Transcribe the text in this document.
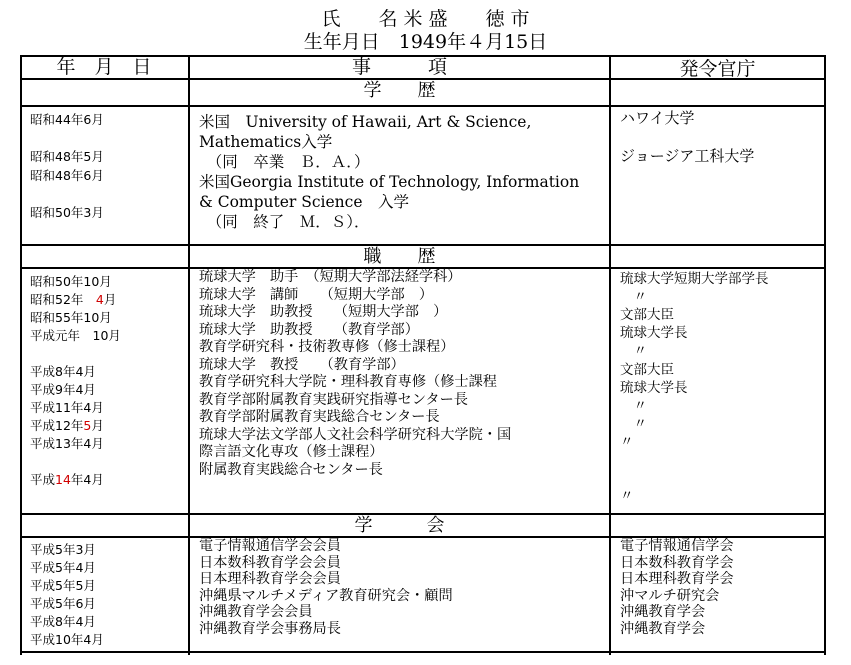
氏　　名 米 盛　　徳 市
生年月日　1949年４月15日
年　月　日	事　　　項	発令官庁
学　　歴
昭和44年6月
昭和48年5月
昭和48年6月
昭和50年3月
米国　University of Hawaii, Art & Science,
Mathematics入学
　（同　卒業　Ｂ．Ａ．）
米国Georgia Institute of Technology, Information
& Computer Science　入学
　（同　終了　Ｍ．Ｓ）．
ハワイ大学
ジョージア工科大学
職　　歴
昭和50年10月
昭和52年　4月
昭和55年10月
平成元年　10月
平成8年4月
平成9年4月
平成11年4月
平成12年5月
平成13年4月
平成14年4月
琉球大学　助手　（短期大学部法経学科）
琉球大学　講師　　（短期大学部　）
琉球大学　助教授　　（短期大学部　）
琉球大学　助教授　　（教育学部）
教育学研究科・技術教専修（修士課程）
琉球大学　教授　　（教育学部）
教育学研究科大学院・理科教育専修（修士課程
教育学部附属教育実践研究指導センター長
教育学部附属教育実践総合センター長
琉球大学法文学部人文社会科学研究科大学院・国
際言語文化専攻（修士課程）
附属教育実践総合センター長
琉球大学短期大学部学長
　〃
文部大臣
琉球大学長
　〃
文部大臣
琉球大学長
　〃
　〃
〃
〃
学　　　会
平成5年3月
平成5年4月
平成5年5月
平成5年6月
平成8年4月
平成10年4月
電子情報通信学会会員
日本数科教育学会会員
日本理科教育学会会員
沖縄県マルチメディア教育研究会・顧問
沖縄教育学会会員
沖縄教育学会事務局長
電子情報通信学会
日本数科教育学会
日本理科教育学会
沖マルチ研究会
沖縄教育学会
沖縄教育学会
